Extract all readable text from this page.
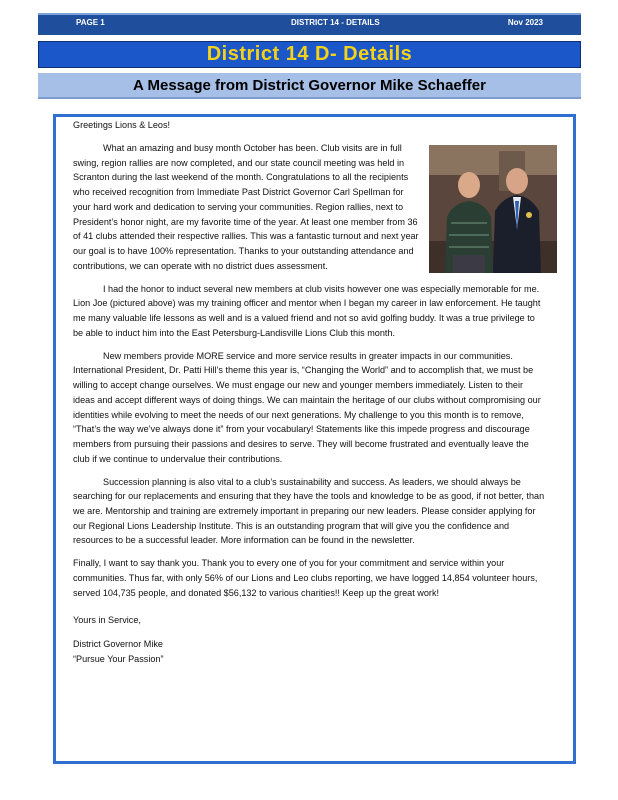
PAGE 1	DISTRICT 14 - DETAILS	Nov 2023
District 14 D- Details
A Message from District Governor Mike Schaeffer

Greetings Lions & Leos!

What an amazing and busy month October has been. Club visits are in full swing, region rallies are now completed, and our state council meeting was held in Scranton during the last weekend of the month. Congratulations to all the recipients who received recognition from Immediate Past District Governor Carl Spellman for your hard work and dedication to serving your communities. Region rallies, next to President’s honor night, are my favorite time of the year. At least one member from 36 of 41 clubs attended their respective rallies. This was a fantastic turnout and next year our goal is to have 100% representation. Thanks to your outstanding attendance and contributions, we can operate with no district dues assessment.

I had the honor to induct several new members at club visits however one was especially memorable for me. Lion Joe (pictured above) was my training officer and mentor when I began my career in law enforcement. He taught me many valuable life lessons as well and is a valued friend and not so avid golfing buddy. It was a true privilege to be able to induct him into the East Petersburg-Landisville Lions Club this month.

New members provide MORE service and more service results in greater impacts in our communities. International President, Dr. Patti Hill’s theme this year is, “Changing the World” and to accomplish that, we must be willing to accept change ourselves. We must engage our new and younger members immediately. Listen to their ideas and accept different ways of doing things. We can maintain the heritage of our clubs without compromising our identities while evolving to meet the needs of our next generations. My challenge to you this month is to remove, “That’s the way we’ve always done it” from your vocabulary! Statements like this impede progress and discourage members from pursuing their passions and desires to serve. They will become frustrated and eventually leave the club if we continue to undervalue their contributions.

Succession planning is also vital to a club’s sustainability and success. As leaders, we should always be searching for our replacements and ensuring that they have the tools and knowledge to be as good, if not better, than we are. Mentorship and training are extremely important in preparing our new leaders. Please consider applying for our Regional Lions Leadership Institute. This is an outstanding program that will give you the confidence and resources to be a successful leader. More information can be found in the newsletter.

Finally, I want to say thank you. Thank you to every one of you for your commitment and service within your communities. Thus far, with only 56% of our Lions and Leo clubs reporting, we have logged 14,854 volunteer hours, served 104,735 people, and donated $56,132 to various charities!! Keep up the great work!

Yours in Service,

District Governor Mike

“Pursue Your Passion”
